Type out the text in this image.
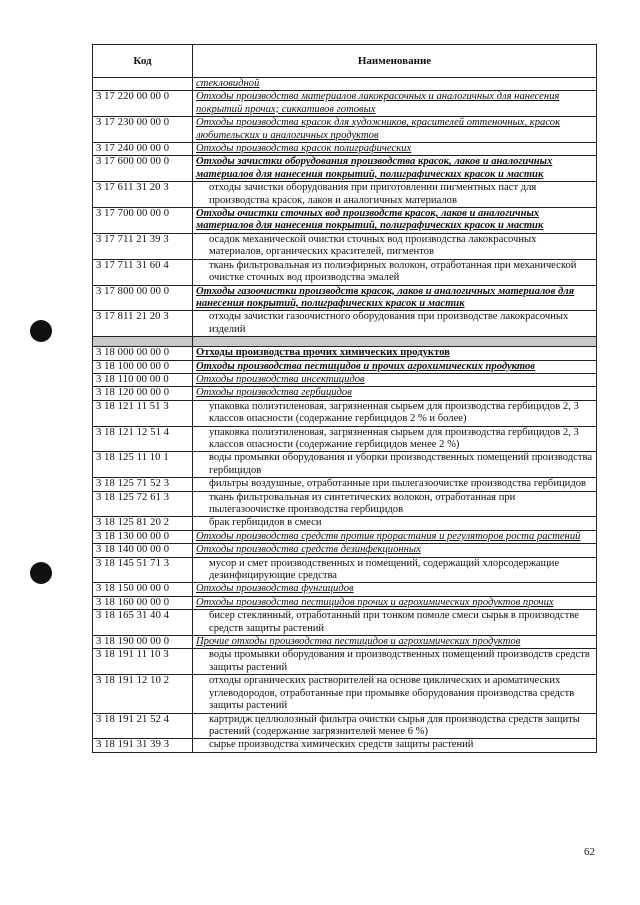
Код	Наименование
	стекловидной
3 17 220 00 00 0	Отходы производства материалов лакокрасочных и аналогичных для нанесения покрытий прочих; сиккативов готовых
3 17 230 00 00 0	Отходы производства красок для художников, красителей оттеночных, красок любительских и аналогичных продуктов
3 17 240 00 00 0	Отходы производства красок полиграфических
3 17 600 00 00 0	Отходы зачистки оборудования производства красок, лаков и аналогичных материалов для нанесения покрытий, полиграфических красок и мастик
3 17 611 31 20 3	отходы зачистки оборудования при приготовлении пигментных паст для производства красок, лаков и аналогичных материалов
3 17 700 00 00 0	Отходы очистки сточных вод производств красок, лаков и аналогичных материалов для нанесения покрытий, полиграфических красок и мастик
3 17 711 21 39 3	осадок механической очистки сточных вод производства лакокрасочных материалов, органических красителей, пигментов
3 17 711 31 60 4	ткань фильтровальная из полиэфирных волокон, отработанная при механической очистке сточных вод производства эмалей
3 17 800 00 00 0	Отходы газоочистки производств красок, лаков и аналогичных материалов для нанесения покрытий, полиграфических красок и мастик
3 17 811 21 20 3	отходы зачистки газоочистного оборудования при производстве лакокрасочных изделий

3 18 000 00 00 0	Отходы производства прочих химических продуктов
3 18 100 00 00 0	Отходы производства пестицидов и прочих агрохимических продуктов
3 18 110 00 00 0	Отходы производства инсектицидов
3 18 120 00 00 0	Отходы производства гербицидов
3 18 121 11 51 3	упаковка полиэтиленовая, загрязненная сырьем для производства гербицидов 2, 3 классов опасности (содержание гербицидов 2 % и более)
3 18 121 12 51 4	упаковка полиэтиленовая, загрязненная сырьем для производства гербицидов 2, 3 классов опасности (содержание гербицидов менее 2 %)
3 18 125 11 10 1	воды промывки оборудования и уборки производственных помещений производства гербицидов
3 18 125 71 52 3	фильтры воздушные, отработанные при пылегазоочистке производства гербицидов
3 18 125 72 61 3	ткань фильтровальная из синтетических волокон, отработанная при пылегазоочистке производства гербицидов
3 18 125 81 20 2	брак гербицидов в смеси
3 18 130 00 00 0	Отходы производства средств против прорастания и регуляторов роста растений
3 18 140 00 00 0	Отходы производства средств дезинфекционных
3 18 145 51 71 3	мусор и смет производственных и помещений, содержащий хлорсодержащие дезинфицирующие средства
3 18 150 00 00 0	Отходы производства фунгицидов
3 18 160 00 00 0	Отходы производства пестицидов прочих и агрохимических продуктов прочих
3 18 165 31 40 4	бисер стеклянный, отработанный при тонком помоле смеси сырья в производстве средств защиты растений
3 18 190 00 00 0	Прочие отходы производства пестицидов и агрохимических продуктов
3 18 191 11 10 3	воды промывки оборудования и производственных помещений производств средств защиты растений
3 18 191 12 10 2	отходы органических растворителей на основе циклических и ароматических углеводородов, отработанные при промывке оборудования производства средств защиты растений
3 18 191 21 52 4	картридж целлюлозный фильтра очистки сырья для производства средств защиты растений (содержание загрязнителей менее 6 %)
3 18 191 31 39 3	сырье производства химических средств защиты растений
62
